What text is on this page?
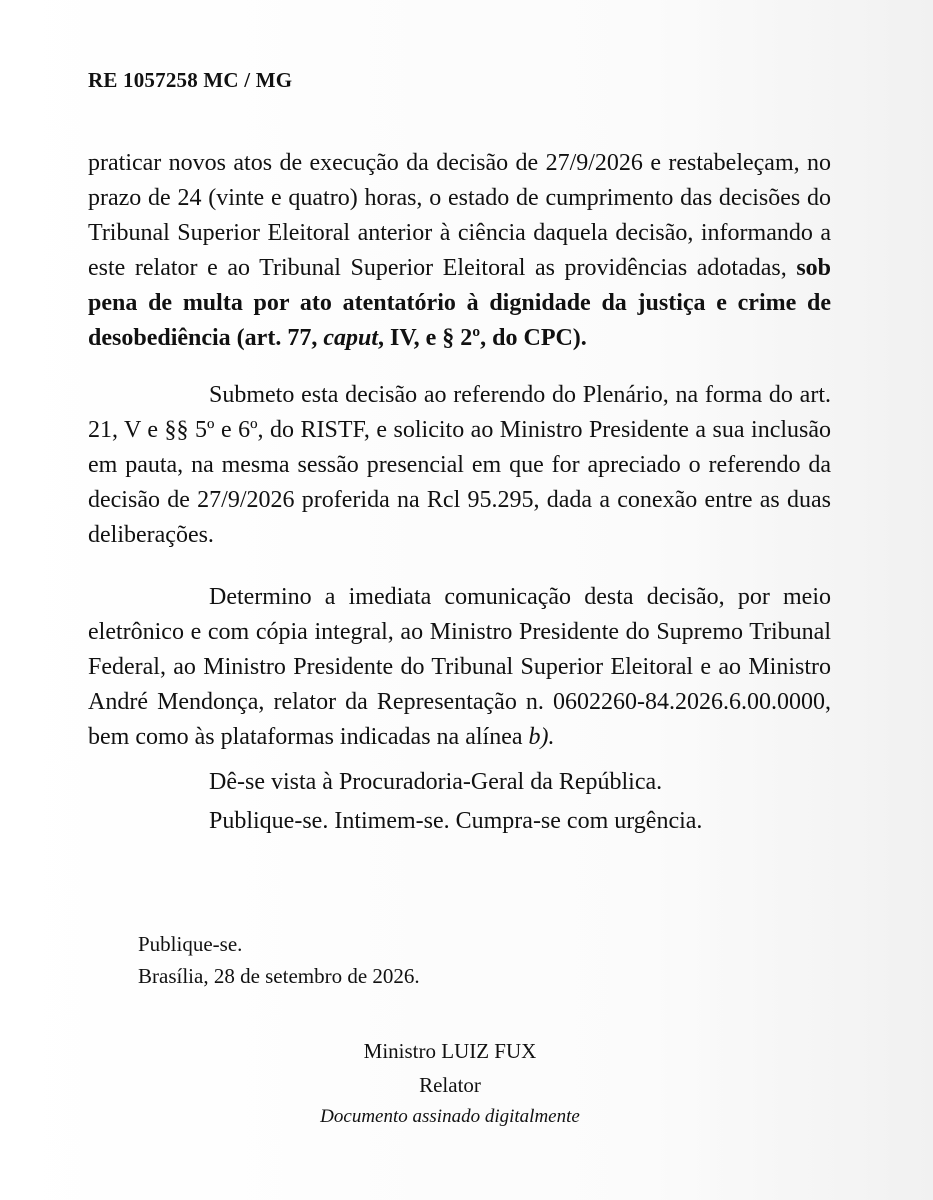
RE 1057258 MC / MG

praticar novos atos de execução da decisão de 27/9/2026 e restabeleçam, no prazo de 24 (vinte e quatro) horas, o estado de cumprimento das decisões do Tribunal Superior Eleitoral anterior à ciência daquela decisão, informando a este relator e ao Tribunal Superior Eleitoral as providências adotadas, sob pena de multa por ato atentatório à dignidade da justiça e crime de desobediência (art. 77, caput, IV, e § 2º, do CPC).

Submeto esta decisão ao referendo do Plenário, na forma do art. 21, V e §§ 5º e 6º, do RISTF, e solicito ao Ministro Presidente a sua inclusão em pauta, na mesma sessão presencial em que for apreciado o referendo da decisão de 27/9/2026 proferida na Rcl 95.295, dada a conexão entre as duas deliberações.

Determino a imediata comunicação desta decisão, por meio eletrônico e com cópia integral, ao Ministro Presidente do Supremo Tribunal Federal, ao Ministro Presidente do Tribunal Superior Eleitoral e ao Ministro André Mendonça, relator da Representação n. 0602260-84.2026.6.00.0000, bem como às plataformas indicadas na alínea b).

Dê-se vista à Procuradoria-Geral da República.

Publique-se. Intimem-se. Cumpra-se com urgência.

Publique-se.
Brasília, 28 de setembro de 2026.
Ministro LUIZ FUX
Relator
Documento assinado digitalmente
